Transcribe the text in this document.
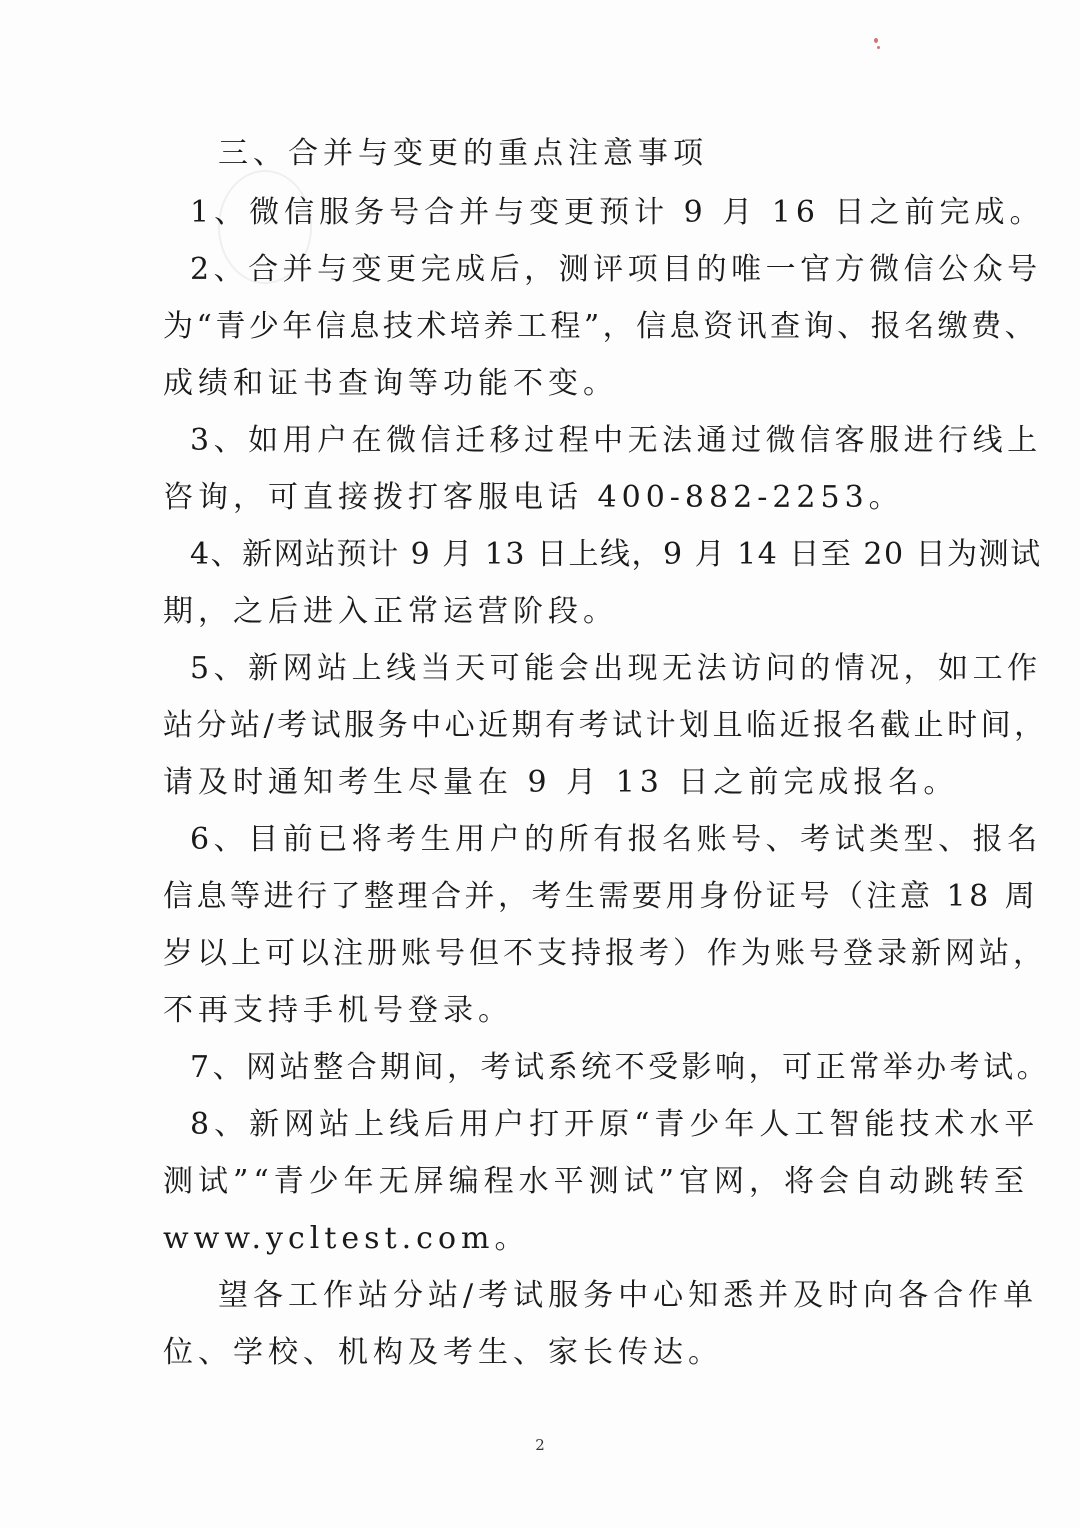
三、合并与变更的重点注意事项
1、微信服务号合并与变更预计 9 月 16 日之前完成。
2、合并与变更完成后，测评项目的唯一官方微信公众号
为“青少年信息技术培养工程”，信息资讯查询、报名缴费、
成绩和证书查询等功能不变。
3、如用户在微信迁移过程中无法通过微信客服进行线上
咨询，可直接拨打客服电话 400-882-2253。
4、新网站预计 9 月 13 日上线，9 月 14 日至 20 日为测试
期，之后进入正常运营阶段。
5、新网站上线当天可能会出现无法访问的情况，如工作
站分站/考试服务中心近期有考试计划且临近报名截止时间，
请及时通知考生尽量在 9 月 13 日之前完成报名。
6、目前已将考生用户的所有报名账号、考试类型、报名
信息等进行了整理合并，考生需要用身份证号（注意 18 周
岁以上可以注册账号但不支持报考）作为账号登录新网站，
不再支持手机号登录。
7、网站整合期间，考试系统不受影响，可正常举办考试。
8、新网站上线后用户打开原“青少年人工智能技术水平
测试”“青少年无屏编程水平测试”官网，将会自动跳转至
www.ycltest.com。
望各工作站分站/考试服务中心知悉并及时向各合作单
位、学校、机构及考生、家长传达。
2
